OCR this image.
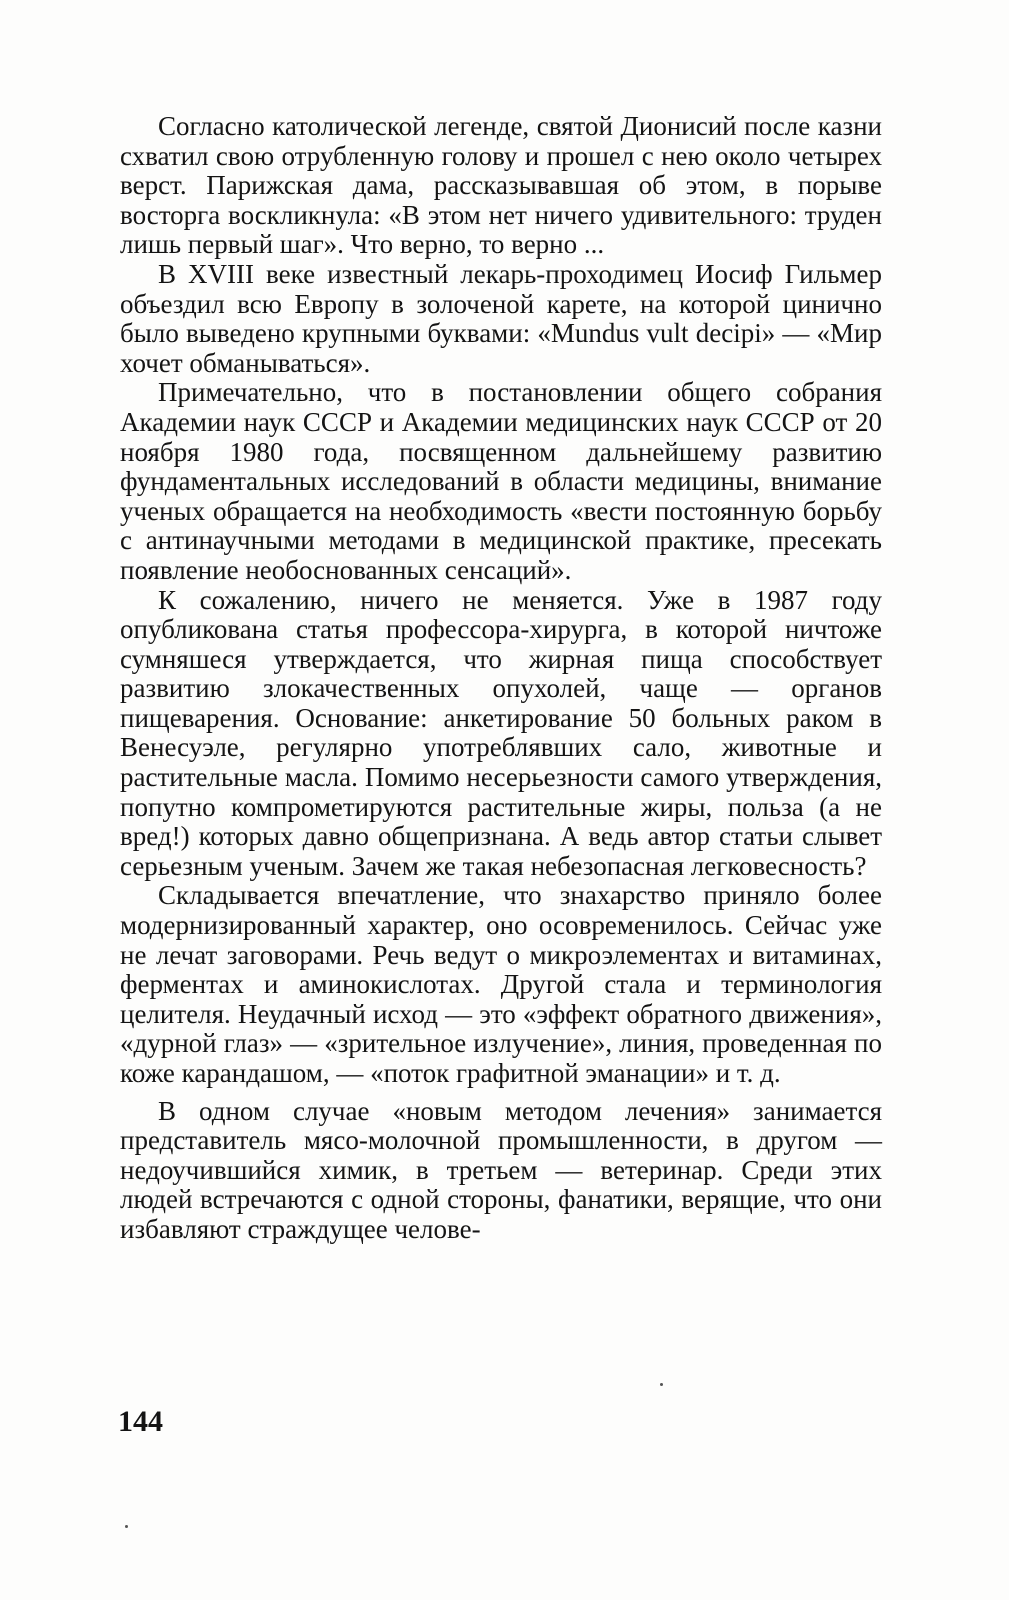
Согласно католической легенде, святой Дионисий после казни схватил свою отрубленную голову и прошел с нею около четырех верст. Парижская дама, рассказывавшая об этом, в порыве восторга воскликнула: «В этом нет ничего удивительного: труден лишь первый шаг». Что верно, то верно ...

В XVIII веке известный лекарь-проходимец Иосиф Гильмер объездил всю Европу в золоченой карете, на которой цинично было выведено крупными буквами: «Mundus vult decipi» — «Мир хочет обманываться».

Примечательно, что в постановлении общего собрания Академии наук СССР и Академии медицинских наук СССР от 20 ноября 1980 года, посвященном дальнейшему развитию фундаментальных исследований в области медицины, внимание ученых обращается на необходимость «вести постоянную борьбу с антинаучными методами в медицинской практике, пресекать появление необоснованных сенсаций».

К сожалению, ничего не меняется. Уже в 1987 году опубликована статья профессора-хирурга, в которой ничтоже сумняшеся утверждается, что жирная пища способствует развитию злокачественных опухолей, чаще — органов пищеварения. Основание: анкетирование 50 больных раком в Венесуэле, регулярно употреблявших сало, животные и растительные масла. Помимо несерьезности самого утверждения, попутно компрометируются растительные жиры, польза (а не вред!) которых давно общепризнана. А ведь автор статьи слывет серьезным ученым. Зачем же такая небезопасная легковесность?

Складывается впечатление, что знахарство приняло более модернизированный характер, оно осовременилось. Сейчас уже не лечат заговорами. Речь ведут о микроэлементах и витаминах, ферментах и аминокислотах. Другой стала и терминология целителя. Неудачный исход — это «эффект обратного движения», «дурной глаз» — «зрительное излучение», линия, проведенная по коже карандашом, — «поток графитной эманации» и т. д.

В одном случае «новым методом лечения» занимается представитель мясо-молочной промышленности, в другом — недоучившийся химик, в третьем — ветеринар. Среди этих людей встречаются с одной стороны, фанатики, верящие, что они избавляют страждущее челове-

144
